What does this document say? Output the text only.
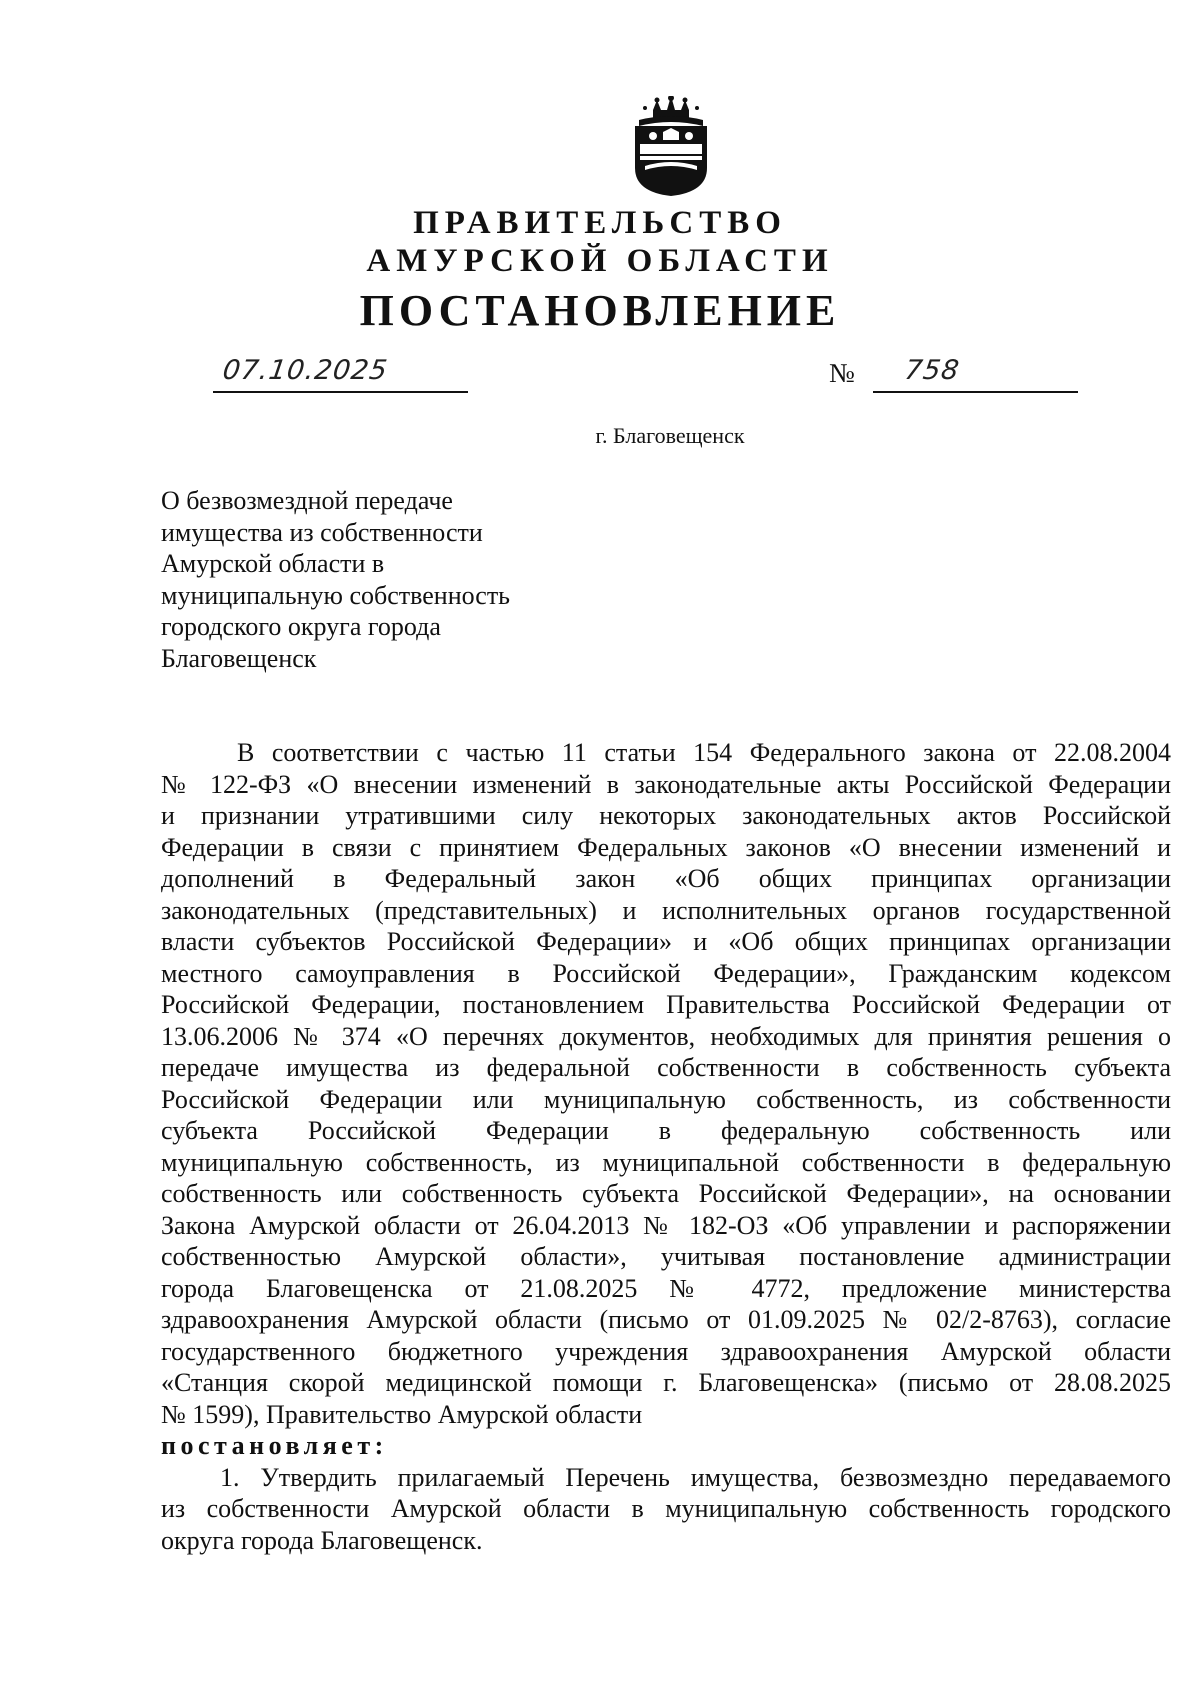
ПРАВИТЕЛЬСТВО
АМУРСКОЙ ОБЛАСТИ
ПОСТАНОВЛЕНИЕ
07.10.2025	№ 758
г. Благовещенск
О безвозмездной передаче
имущества из собственности
Амурской области в
муниципальную собственность
городского округа города
Благовещенск
В соответствии с частью 11 статьи 154 Федерального закона от 22.08.2004
№ 122-ФЗ «О внесении изменений в законодательные акты Российской Федерации
и признании утратившими силу некоторых законодательных актов Российской
Федерации в связи с принятием Федеральных законов «О внесении изменений и
дополнений в Федеральный закон «Об общих принципах организации
законодательных (представительных) и исполнительных органов государственной
власти субъектов Российской Федерации» и «Об общих принципах организации
местного самоуправления в Российской Федерации», Гражданским кодексом
Российской Федерации, постановлением Правительства Российской Федерации от
13.06.2006 № 374 «О перечнях документов, необходимых для принятия решения о
передаче имущества из федеральной собственности в собственность субъекта
Российской Федерации или муниципальную собственность, из собственности
субъекта Российской Федерации в федеральную собственность или
муниципальную собственность, из муниципальной собственности в федеральную
собственность или собственность субъекта Российской Федерации», на основании
Закона Амурской области от 26.04.2013 № 182-ОЗ «Об управлении и распоряжении
собственностью Амурской области», учитывая постановление администрации
города Благовещенска от 21.08.2025 № 4772, предложение министерства
здравоохранения Амурской области (письмо от 01.09.2025 № 02/2-8763), согласие
государственного бюджетного учреждения здравоохранения Амурской области
«Станция скорой медицинской помощи г. Благовещенска» (письмо от 28.08.2025
№ 1599), Правительство Амурской области
постановляет:
1. Утвердить прилагаемый Перечень имущества, безвозмездно передаваемого
из собственности Амурской области в муниципальную собственность городского
округа города Благовещенск.
